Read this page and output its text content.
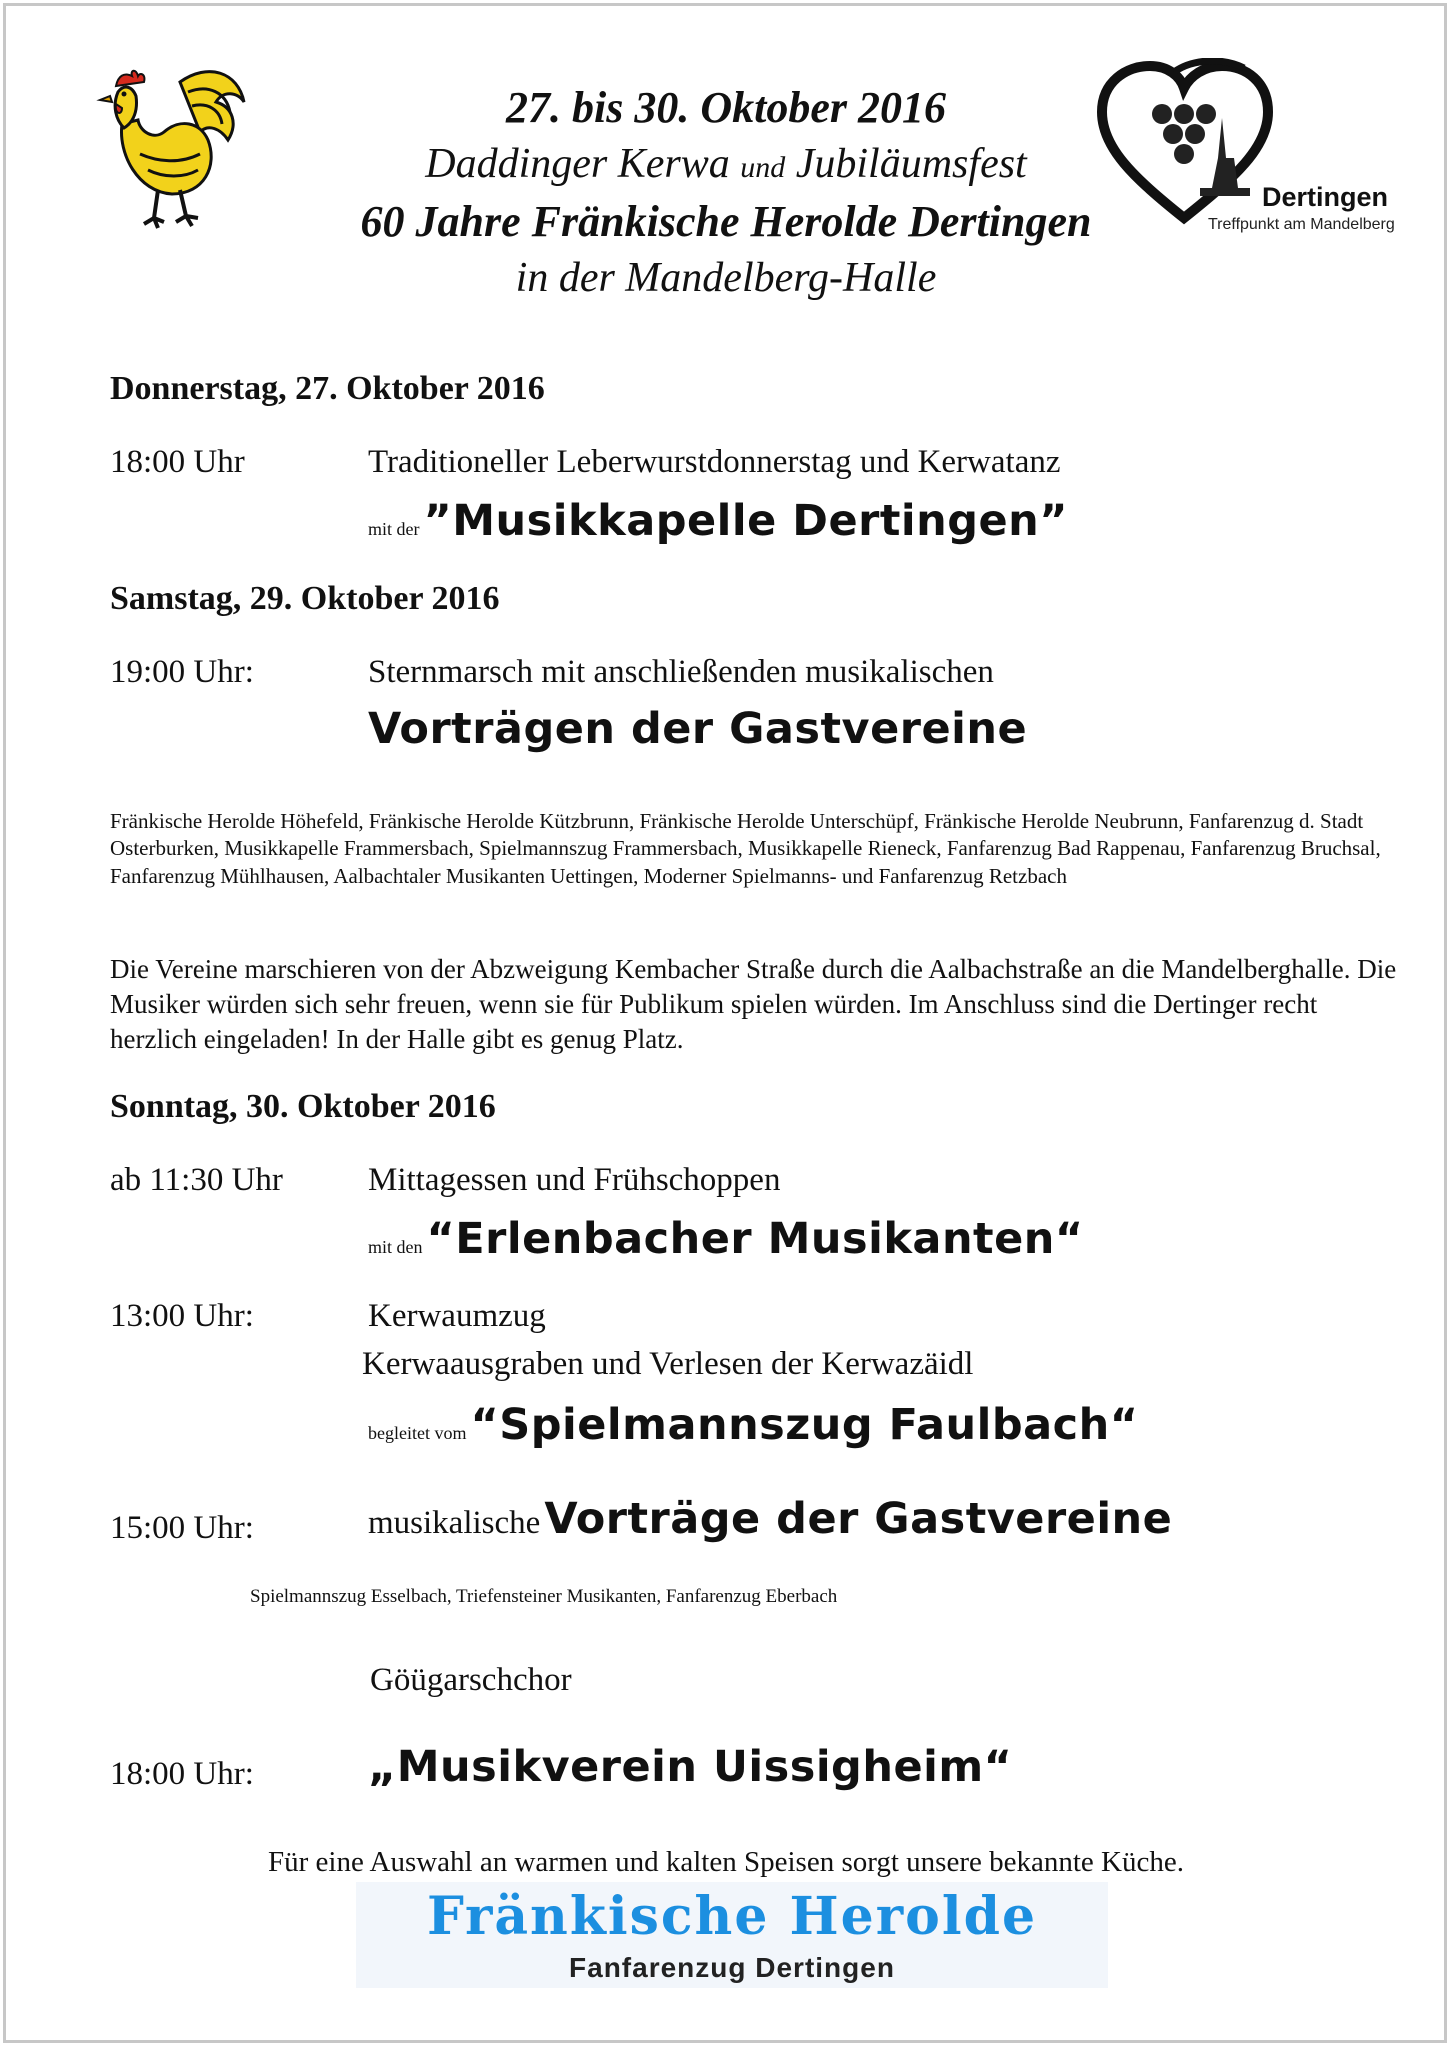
Dertingen
Treffpunkt am Mandelberg
27. bis 30. Oktober 2016
Daddinger Kerwa und Jubiläumsfest
60 Jahre Fränkische Herolde Dertingen
in der Mandelberg-Halle
Donnerstag, 27. Oktober 2016
18:00 Uhr	Traditioneller Leberwurstdonnerstag und Kerwatanz
mit der ”Musikkapelle Dertingen”
Samstag, 29. Oktober 2016
19:00 Uhr:	Sternmarsch mit anschließenden musikalischen
Vorträgen der Gastvereine
Fränkische Herolde Höhefeld, Fränkische Herolde Kützbrunn, Fränkische Herolde Unterschüpf, Fränkische Herolde Neubrunn, Fanfarenzug d. Stadt Osterburken, Musikkapelle Frammersbach, Spielmannszug Frammersbach, Musikkapelle Rieneck, Fanfarenzug Bad Rappenau, Fanfarenzug Bruchsal, Fanfarenzug Mühlhausen, Aalbachtaler Musikanten Uettingen, Moderner Spielmanns- und Fanfarenzug Retzbach
Die Vereine marschieren von der Abzweigung Kembacher Straße durch die Aalbachstraße an die Mandelberghalle. Die Musiker würden sich sehr freuen, wenn sie für Publikum spielen würden. Im Anschluss sind die Dertinger recht herzlich eingeladen! In der Halle gibt es genug Platz.
Sonntag, 30. Oktober 2016
ab 11:30 Uhr	Mittagessen und Frühschoppen
mit den “Erlenbacher Musikanten“
13:00 Uhr:	Kerwaumzug
Kerwaausgraben und Verlesen der Kerwazäidl
begleitet vom “Spielmannszug Faulbach“
15:00 Uhr:	musikalische Vorträge der Gastvereine
Spielmannszug Esselbach, Triefensteiner Musikanten, Fanfarenzug Eberbach
Göügarschchor
18:00 Uhr:	„Musikverein Uissigheim“
Für eine Auswahl an warmen und kalten Speisen sorgt unsere bekannte Küche.
Fränkische Herolde
Fanfarenzug Dertingen
